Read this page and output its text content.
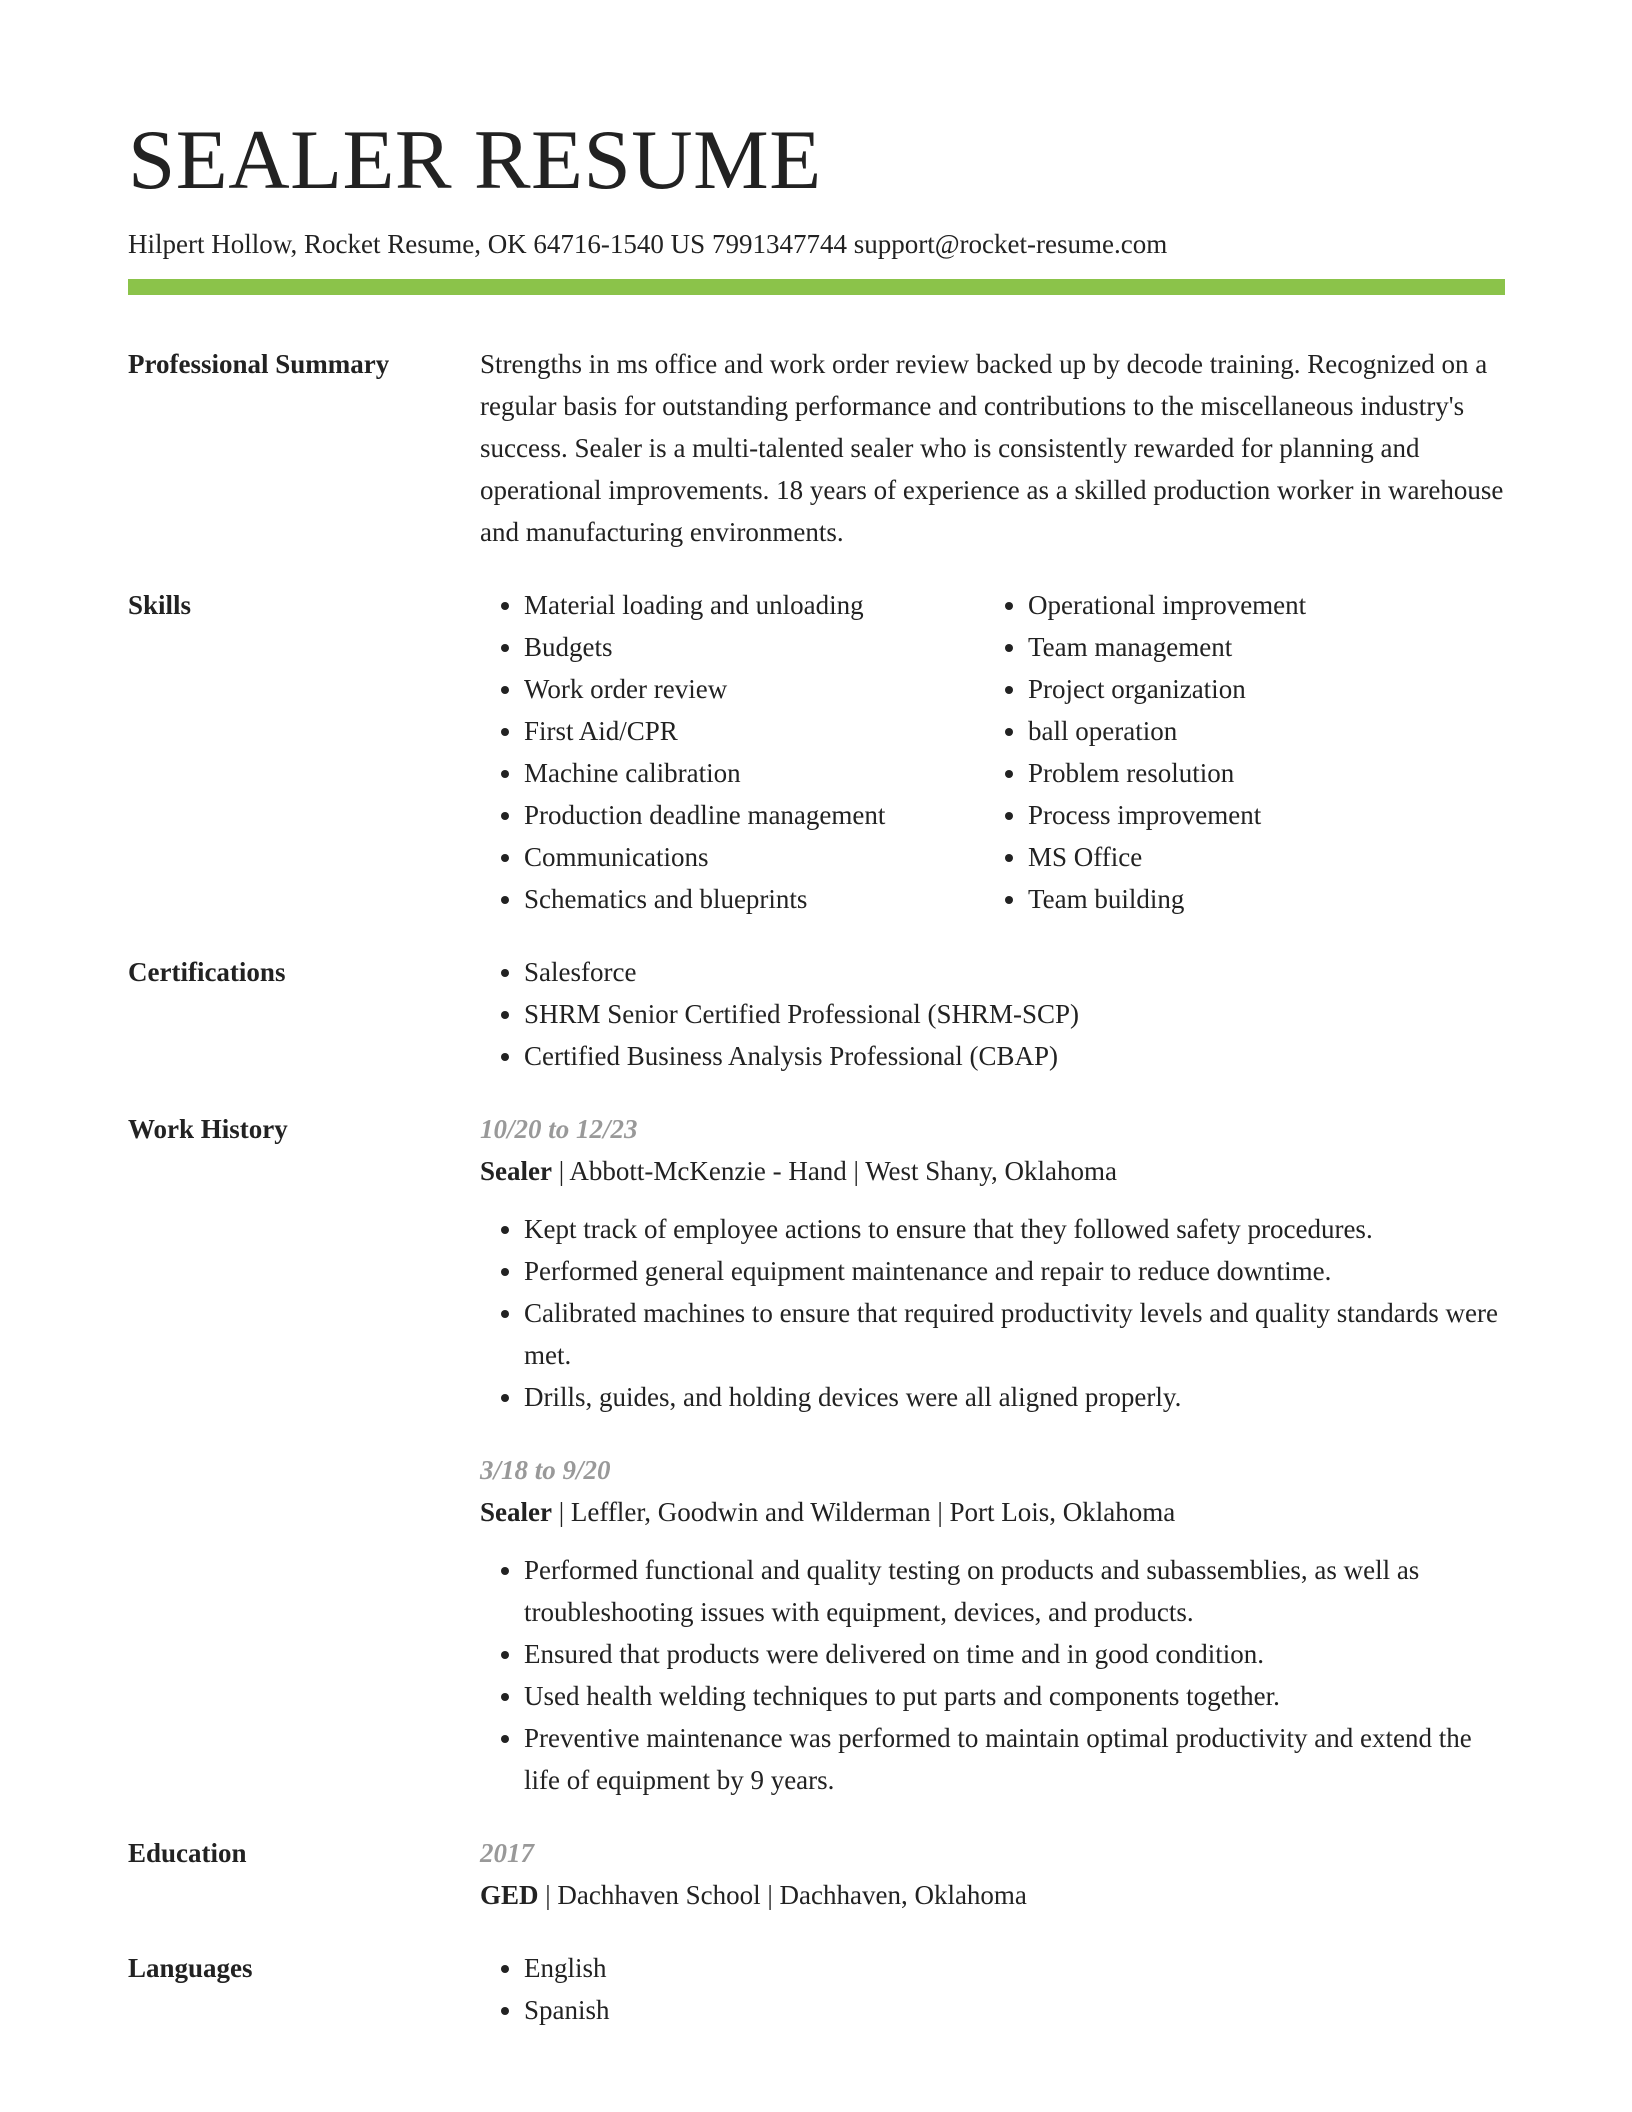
SEALER RESUME
Hilpert Hollow, Rocket Resume, OK 64716-1540 US 7991347744 support@rocket-resume.com
Professional Summary	Strengths in ms office and work order review backed up by decode training. Recognized on a regular basis for outstanding performance and contributions to the miscellaneous industry's success. Sealer is a multi-talented sealer who is consistently rewarded for planning and operational improvements. 18 years of experience as a skilled production worker in warehouse and manufacturing environments.

Skills	• Material loading and unloading
• Budgets
• Work order review
• First Aid/CPR
• Machine calibration
• Production deadline management
• Communications
• Schematics and blueprints
• Operational improvement
• Team management
• Project organization
• ball operation
• Problem resolution
• Process improvement
• MS Office
• Team building
Certifications	• Salesforce
• SHRM Senior Certified Professional (SHRM-SCP)
• Certified Business Analysis Professional (CBAP)
Work History	10/20 to 12/23
Sealer | Abbott-McKenzie - Hand | West Shany, Oklahoma
• Kept track of employee actions to ensure that they followed safety procedures.
• Performed general equipment maintenance and repair to reduce downtime.
• Calibrated machines to ensure that required productivity levels and quality standards were met.
• Drills, guides, and holding devices were all aligned properly.
3/18 to 9/20
Sealer | Leffler, Goodwin and Wilderman | Port Lois, Oklahoma
• Performed functional and quality testing on products and subassemblies, as well as troubleshooting issues with equipment, devices, and products.
• Ensured that products were delivered on time and in good condition.
• Used health welding techniques to put parts and components together.
• Preventive maintenance was performed to maintain optimal productivity and extend the life of equipment by 9 years.
Education	2017
GED | Dachhaven School | Dachhaven, Oklahoma
Languages	• English
• Spanish
